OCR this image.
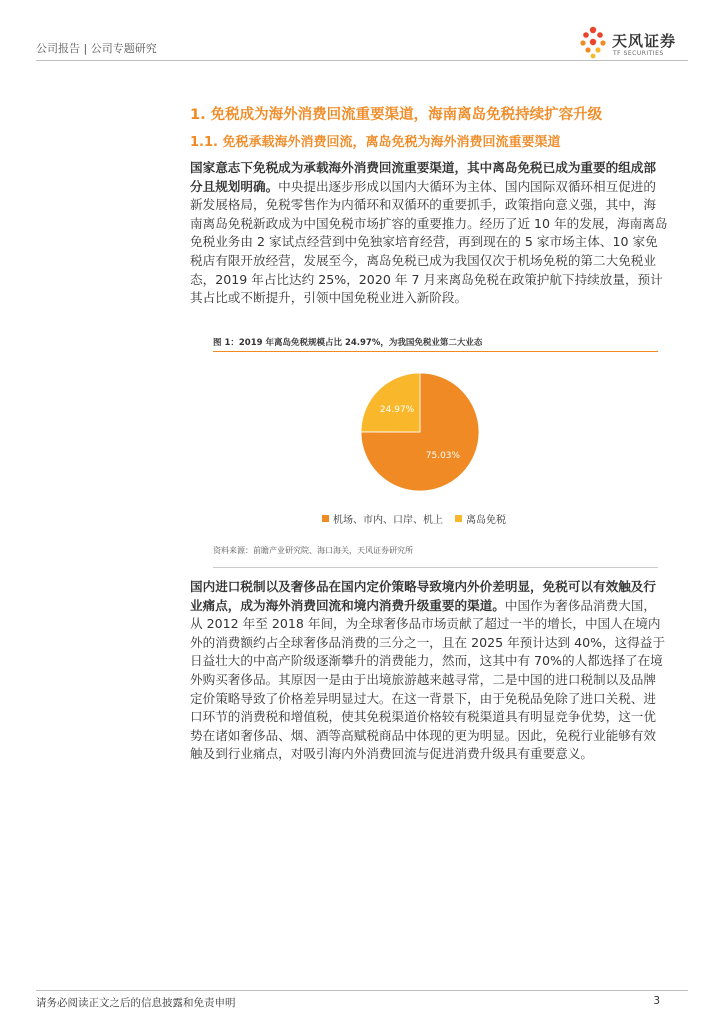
公司报告 | 公司专题研究	天风证券
TF SECURITIES
1. 免税成为海外消费回流重要渠道，海南离岛免税持续扩容升级
1.1. 免税承载海外消费回流，离岛免税为海外消费回流重要渠道

国家意志下免税成为承载海外消费回流重要渠道，其中离岛免税已成为重要的组成部分且规划明确。中央提出逐步形成以国内大循环为主体、国内国际双循环相互促进的新发展格局，免税零售作为内循环和双循环的重要抓手，政策指向意义强，其中，海南离岛免税新政成为中国免税市场扩容的重要推力。经历了近 10 年的发展，海南离岛免税业务由 2 家试点经营到中免独家培育经营，再到现在的 5 家市场主体、10 家免税店有限开放经营，发展至今，离岛免税已成为我国仅次于机场免税的第二大免税业态，2019 年占比达约 25%，2020 年 7 月来离岛免税在政策护航下持续放量，预计其占比或不断提升，引领中国免税业进入新阶段。

图 1：2019 年离岛免税规模占比 24.97%，为我国免税业第二大业态
75.03%
24.97%
机场、市内、口岸、机上 离岛免税
资料来源：前瞻产业研究院、海口海关，天风证券研究所

国内进口税制以及奢侈品在国内定价策略导致境内外价差明显，免税可以有效触及行业痛点，成为海外消费回流和境内消费升级重要的渠道。中国作为奢侈品消费大国，从 2012 年至 2018 年间，为全球奢侈品市场贡献了超过一半的增长，中国人在境内外的消费额约占全球奢侈品消费的三分之一，且在 2025 年预计达到 40%，这得益于日益壮大的中高产阶级逐渐攀升的消费能力，然而，这其中有 70%的人都选择了在境外购买奢侈品。其原因一是由于出境旅游越来越寻常，二是中国的进口税制以及品牌定价策略导致了价格差异明显过大。在这一背景下，由于免税品免除了进口关税、进口环节的消费税和增值税，使其免税渠道价格较有税渠道具有明显竞争优势，这一优势在诸如奢侈品、烟、酒等高赋税商品中体现的更为明显。因此，免税行业能够有效触及到行业痛点，对吸引海内外消费回流与促进消费升级具有重要意义。

请务必阅读正文之后的信息披露和免责申明	3
